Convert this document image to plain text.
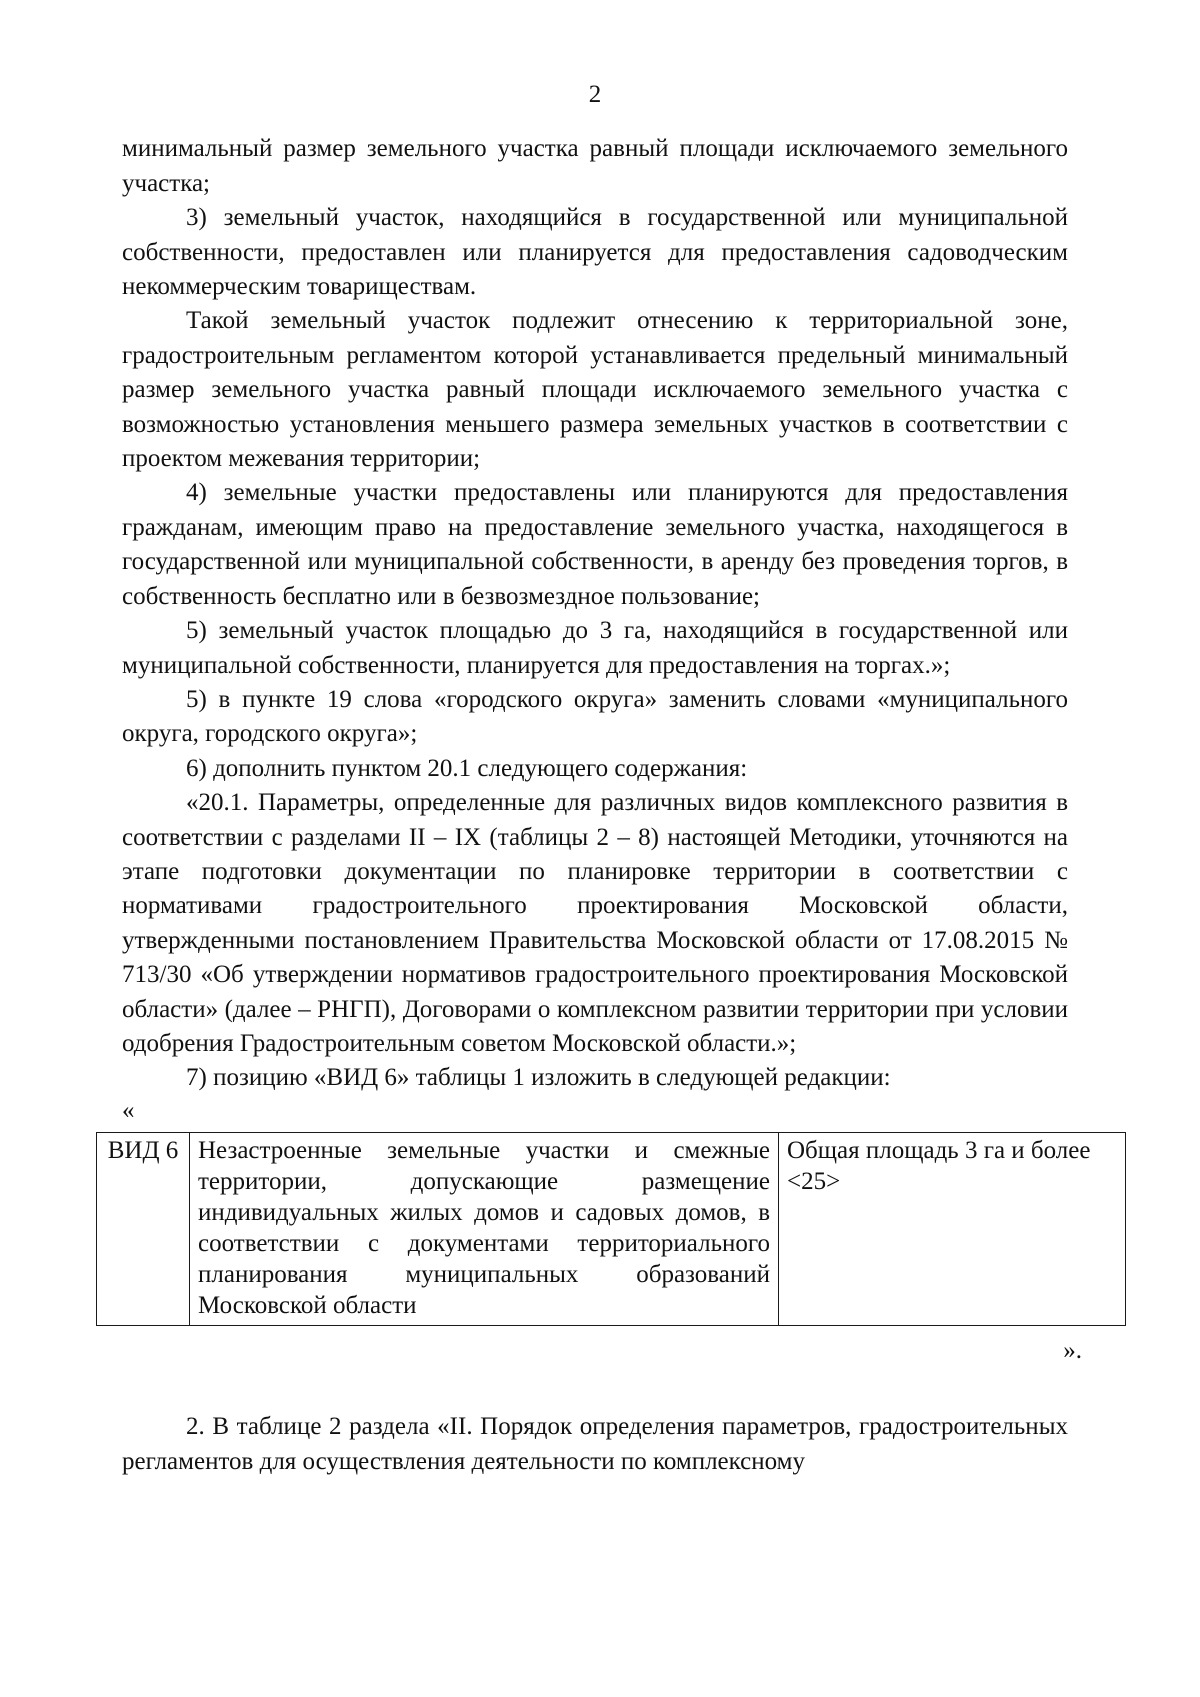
2

минимальный размер земельного участка равный площади исключаемого земельного участка;

3) земельный участок, находящийся в государственной или муниципальной собственности, предоставлен или планируется для предоставления садоводческим некоммерческим товариществам.

Такой земельный участок подлежит отнесению к территориальной зоне, градостроительным регламентом которой устанавливается предельный минимальный размер земельного участка равный площади исключаемого земельного участка с возможностью установления меньшего размера земельных участков в соответствии с проектом межевания территории;

4) земельные участки предоставлены или планируются для предоставления гражданам, имеющим право на предоставление земельного участка, находящегося в государственной или муниципальной собственности, в аренду без проведения торгов, в собственность бесплатно или в безвозмездное пользование;

5) земельный участок площадью до 3 га, находящийся в государственной или муниципальной собственности, планируется для предоставления на торгах.»;

5) в пункте 19 слова «городского округа» заменить словами «муниципального округа, городского округа»;

6) дополнить пунктом 20.1 следующего содержания:

«20.1. Параметры, определенные для различных видов комплексного развития в соответствии с разделами II – IX (таблицы 2 – 8) настоящей Методики, уточняются на этапе подготовки документации по планировке территории в соответствии с нормативами градостроительного проектирования Московской области, утвержденными постановлением Правительства Московской области от 17.08.2015 № 713/30 «Об утверждении нормативов градостроительного проектирования Московской области» (далее – РНГП), Договорами о комплексном развитии территории при условии одобрения Градостроительным советом Московской области.»;

7) позицию «ВИД 6» таблицы 1 изложить в следующей редакции:

«
ВИД 6	Незастроенные земельные участки и смежные территории, допускающие размещение индивидуальных жилых домов и садовых домов, в соответствии с документами территориального планирования муниципальных образований Московской области	Общая площадь 3 га и более <25>
».

2. В таблице 2 раздела «II. Порядок определения параметров, градостроительных регламентов для осуществления деятельности по комплексному
